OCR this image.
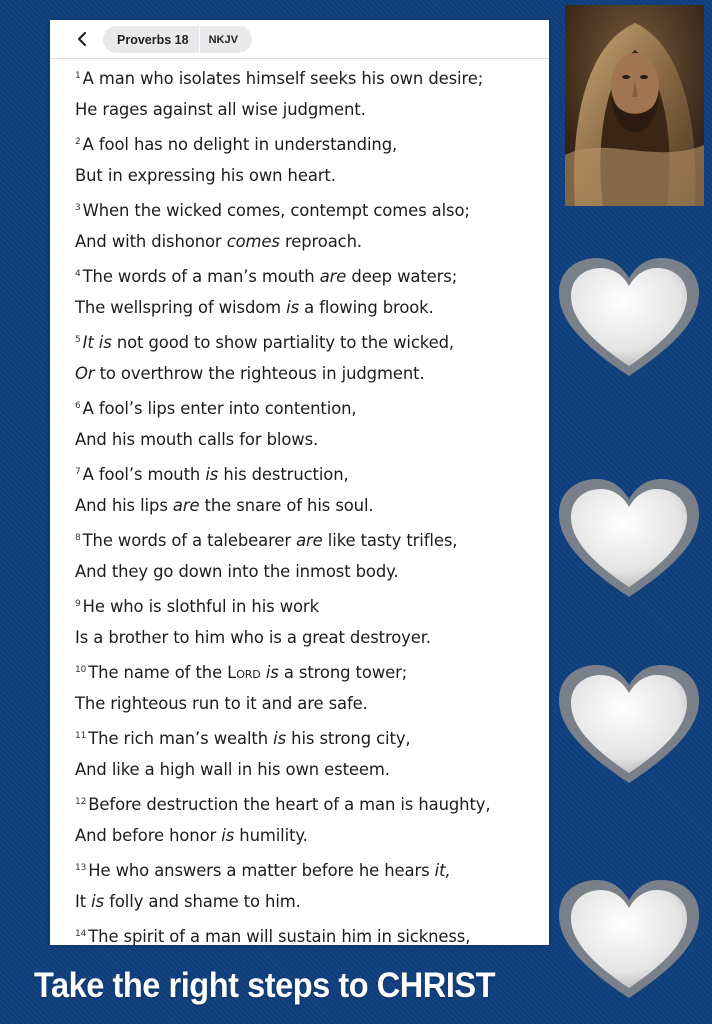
Proverbs 18	NKJV
$^1$ A man who isolates himself seeks his own desire;
He rages against all wise judgment.
$^2$ A fool has no delight in understanding,
But in expressing his own heart.
$^3$ When the wicked comes, contempt comes also;
And with dishonor comes reproach.
$^4$ The words of a man’s mouth are deep waters;
The wellspring of wisdom is a flowing brook.
$^5$ It is not good to show partiality to the wicked,
Or to overthrow the righteous in judgment.
$^6$ A fool’s lips enter into contention,
And his mouth calls for blows.
$^7$ A fool’s mouth is his destruction,
And his lips are the snare of his soul.
$^8$ The words of a talebearer are like tasty trifles,
And they go down into the inmost body.
$^9$ He who is slothful in his work
Is a brother to him who is a great destroyer.
$^{10}$ The name of the Lord is a strong tower;
The righteous run to it and are safe.
$^{11}$ The rich man’s wealth is his strong city,
And like a high wall in his own esteem.
$^{12}$ Before destruction the heart of a man is haughty,
And before honor is humility.
$^{13}$ He who answers a matter before he hears it,
It is folly and shame to him.
$^{14}$ The spirit of a man will sustain him in sickness,
Take the right steps to CHRIST
